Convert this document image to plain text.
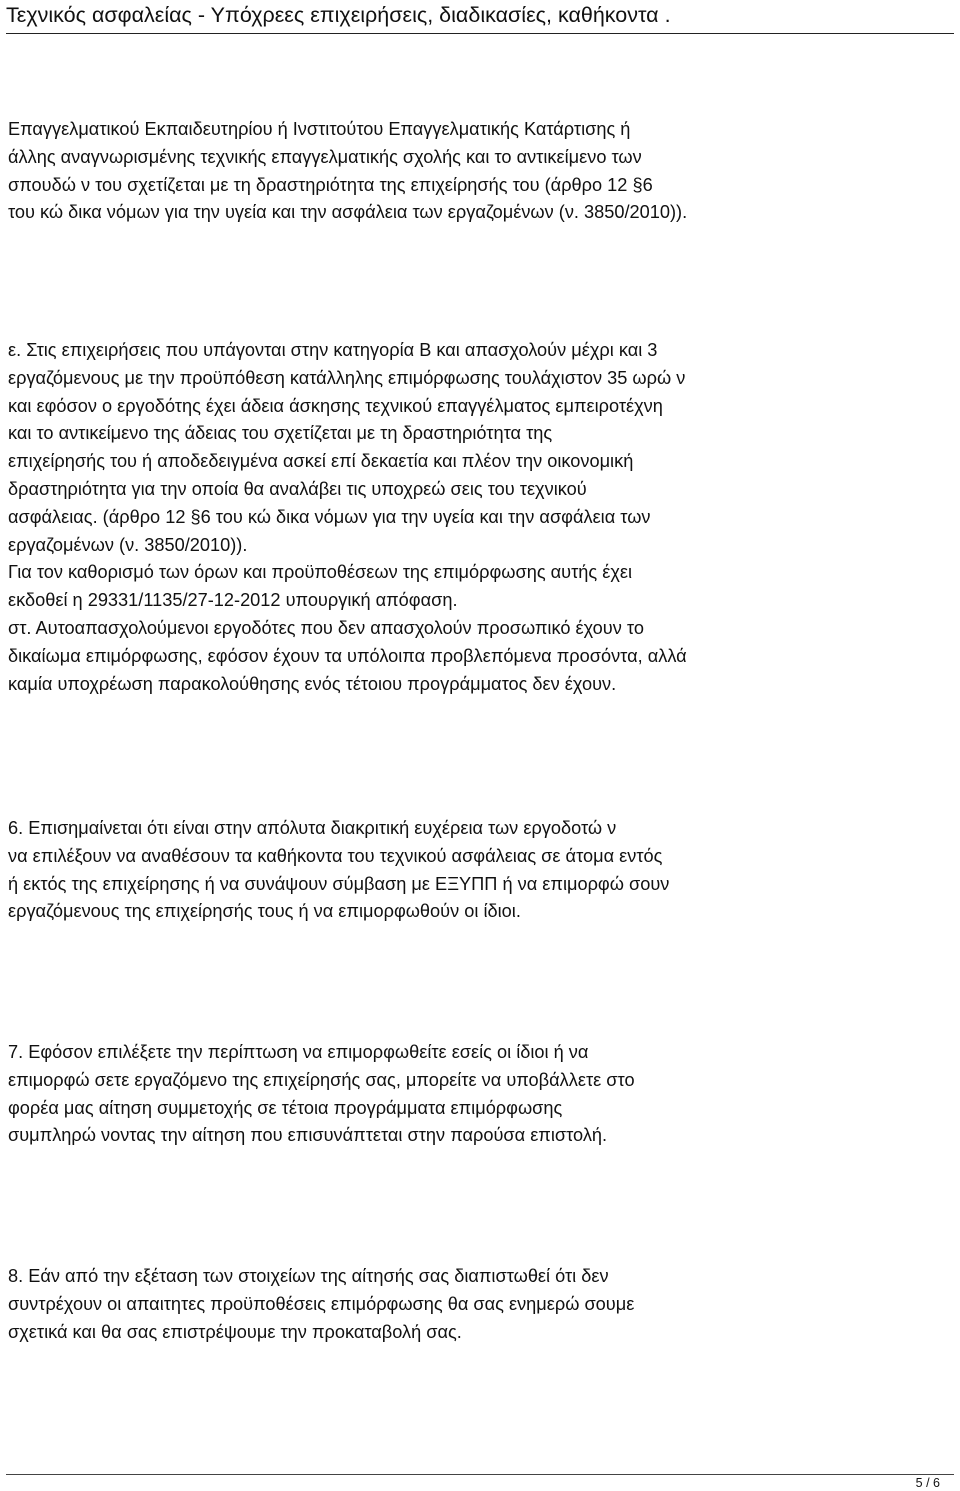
Τεχνικός ασφαλείας - Υπόχρεες επιχειρήσεις, διαδικασίες, καθήκοντα .
Επαγγελματικού Εκπαιδευτηρίου ή Ινστιτούτου Επαγγελματικής Κατάρτισης ή
άλλης αναγνωρισμένης τεχνικής επαγγελματικής σχολής και το αντικείμενο των
σπουδώ ν του σχετίζεται με τη δραστηριότητα της επιχείρησής του (άρθρο 12 §6
του κώ δικα νόμων για την υγεία και την ασφάλεια των εργαζομένων (ν. 3850/2010)).
ε. Στις επιχειρήσεις που υπάγονται στην κατηγορία Β και απασχολούν μέχρι και 3
εργαζόμενους με την προϋπόθεση κατάλληλης επιμόρφωσης τουλάχιστον 35 ωρώ ν
και εφόσον ο εργοδότης έχει άδεια άσκησης τεχνικού επαγγέλματος εμπειροτέχνη
και το αντικείμενο της άδειας του σχετίζεται με τη δραστηριότητα της
επιχείρησής του ή αποδεδειγμένα ασκεί επί δεκαετία και πλέον την οικονομική
δραστηριότητα για την οποία θα αναλάβει τις υποχρεώ σεις του τεχνικού
ασφάλειας. (άρθρο 12 §6 του κώ δικα νόμων για την υγεία και την ασφάλεια των
εργαζομένων (ν. 3850/2010)).
Για τον καθορισμό των όρων και προϋποθέσεων της επιμόρφωσης αυτής έχει
εκδοθεί η 29331/1135/27-12-2012 υπουργική απόφαση.
στ. Αυτοαπασχολούμενοι εργοδότες που δεν απασχολούν προσωπικό έχουν το
δικαίωμα επιμόρφωσης, εφόσον έχουν τα υπόλοιπα προβλεπόμενα προσόντα, αλλά
καμία υποχρέωση παρακολούθησης ενός τέτοιου προγράμματος δεν έχουν.
6. Επισημαίνεται ότι είναι στην απόλυτα διακριτική ευχέρεια των εργοδοτώ ν
να επιλέξουν να αναθέσουν τα καθήκοντα του τεχνικού ασφάλειας σε άτομα εντός
ή εκτός της επιχείρησης ή να συνάψουν σύμβαση με ΕΞΥΠΠ ή να επιμορφώ σουν
εργαζόμενους της επιχείρησής τους ή να επιμορφωθούν οι ίδιοι.
7. Εφόσον επιλέξετε την περίπτωση να επιμορφωθείτε εσείς οι ίδιοι ή να
επιμορφώ σετε εργαζόμενο της επιχείρησής σας, μπορείτε να υποβάλλετε στο
φορέα μας αίτηση συμμετοχής σε τέτοια προγράμματα επιμόρφωσης
συμπληρώ νοντας την αίτηση που επισυνάπτεται στην παρούσα επιστολή.
8. Εάν από την εξέταση των στοιχείων της αίτησής σας διαπιστωθεί ότι δεν
συντρέχουν οι απαιτητες προϋποθέσεις επιμόρφωσης θα σας ενημερώ σουμε
σχετικά και θα σας επιστρέψουμε την προκαταβολή σας.
5 / 6
